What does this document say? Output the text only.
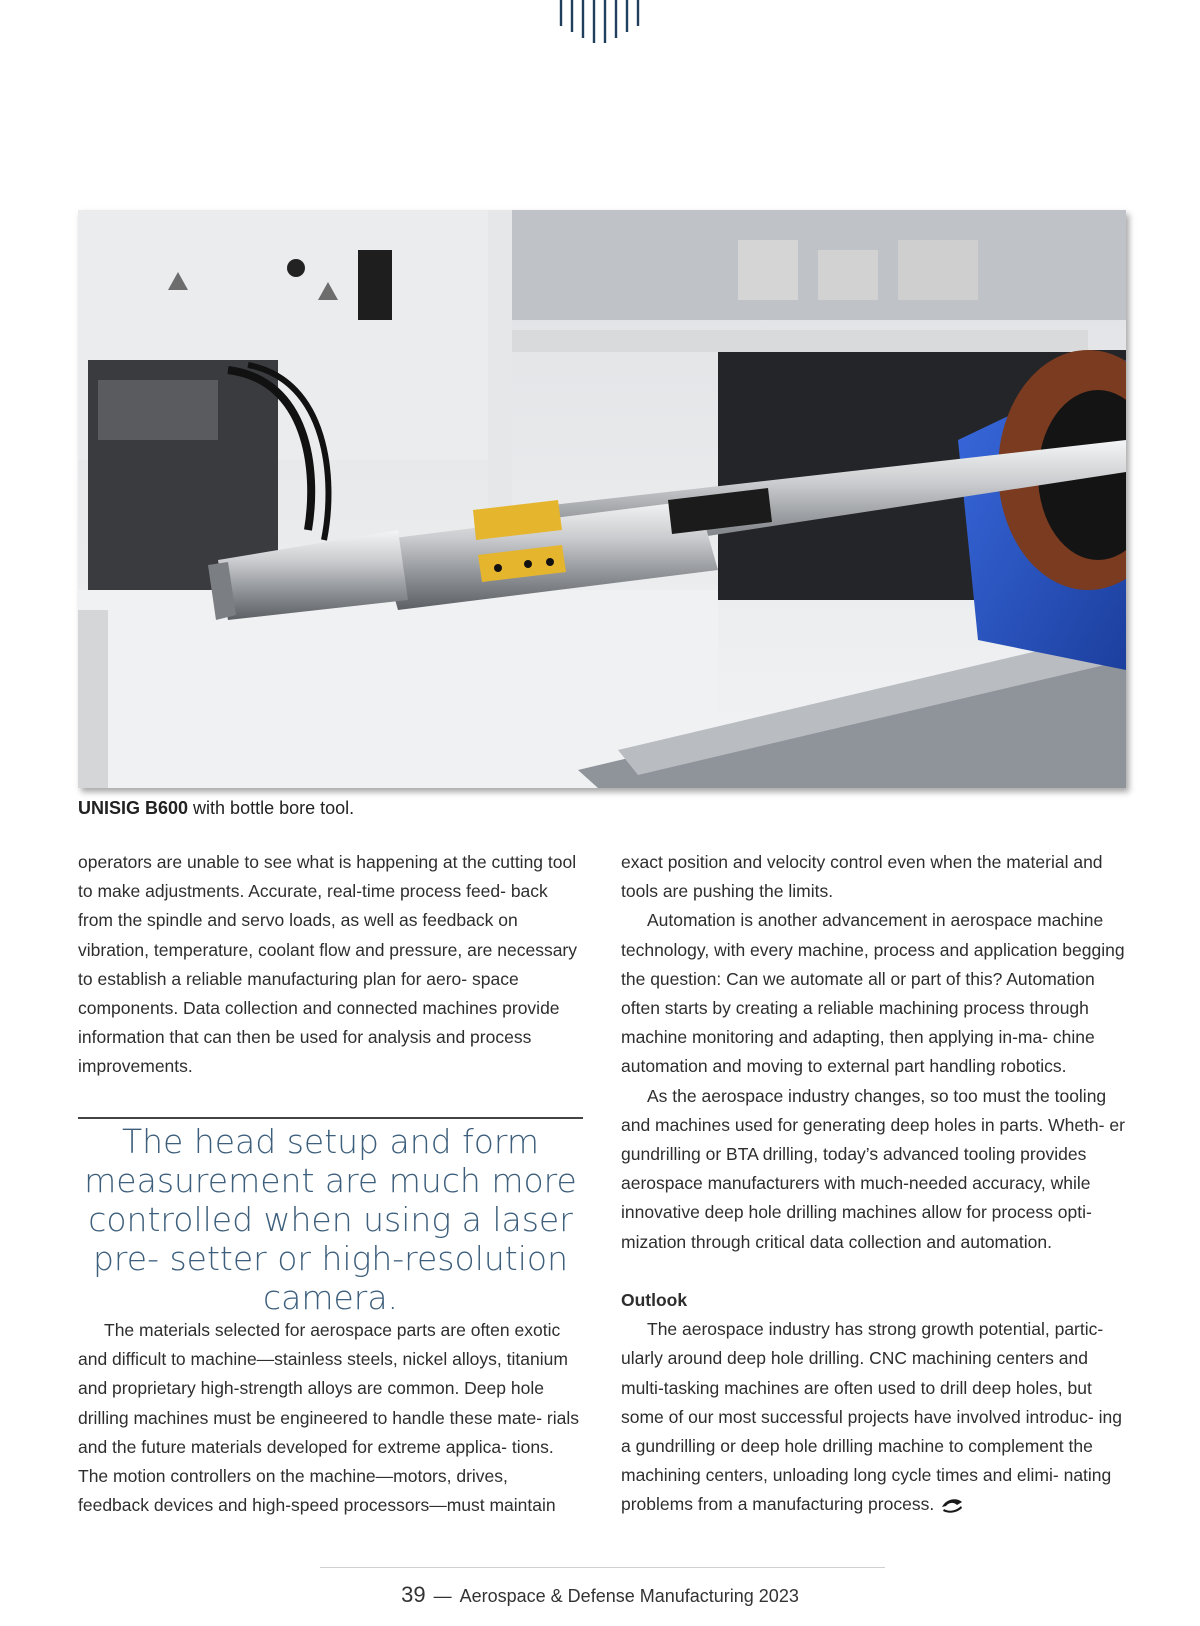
UNISIG B600 with bottle bore tool.

operators are unable to see what is happening at the cutting tool to make adjustments. Accurate, real-time process feed- back from the spindle and servo loads, as well as feedback on vibration, temperature, coolant flow and pressure, are necessary to establish a reliable manufacturing plan for aero- space components. Data collection and connected machines provide information that can then be used for analysis and process improvements.

The head setup and form measurement are much more controlled when using a laser pre- setter or high-resolution camera.

The materials selected for aerospace parts are often exotic and difficult to machine—stainless steels, nickel alloys, titanium and proprietary high-strength alloys are common. Deep hole drilling machines must be engineered to handle these mate- rials and the future materials developed for extreme applica- tions. The motion controllers on the machine—motors, drives, feedback devices and high-speed processors—must maintain

exact position and velocity control even when the material and tools are pushing the limits.

Automation is another advancement in aerospace machine technology, with every machine, process and application begging the question: Can we automate all or part of this? Automation often starts by creating a reliable machining process through machine monitoring and adapting, then applying in-ma- chine automation and moving to external part handling robotics.

As the aerospace industry changes, so too must the tooling and machines used for generating deep holes in parts. Wheth- er gundrilling or BTA drilling, today’s advanced tooling provides aerospace manufacturers with much-needed accuracy, while innovative deep hole drilling machines allow for process opti- mization through critical data collection and automation.

Outlook

The aerospace industry has strong growth potential, partic- ularly around deep hole drilling. CNC machining centers and multi-tasking machines are often used to drill deep holes, but some of our most successful projects have involved introduc- ing a gundrilling or deep hole drilling machine to complement the machining centers, unloading long cycle times and elimi- nating problems from a manufacturing process.

39 — Aerospace & Defense Manufacturing 2023
